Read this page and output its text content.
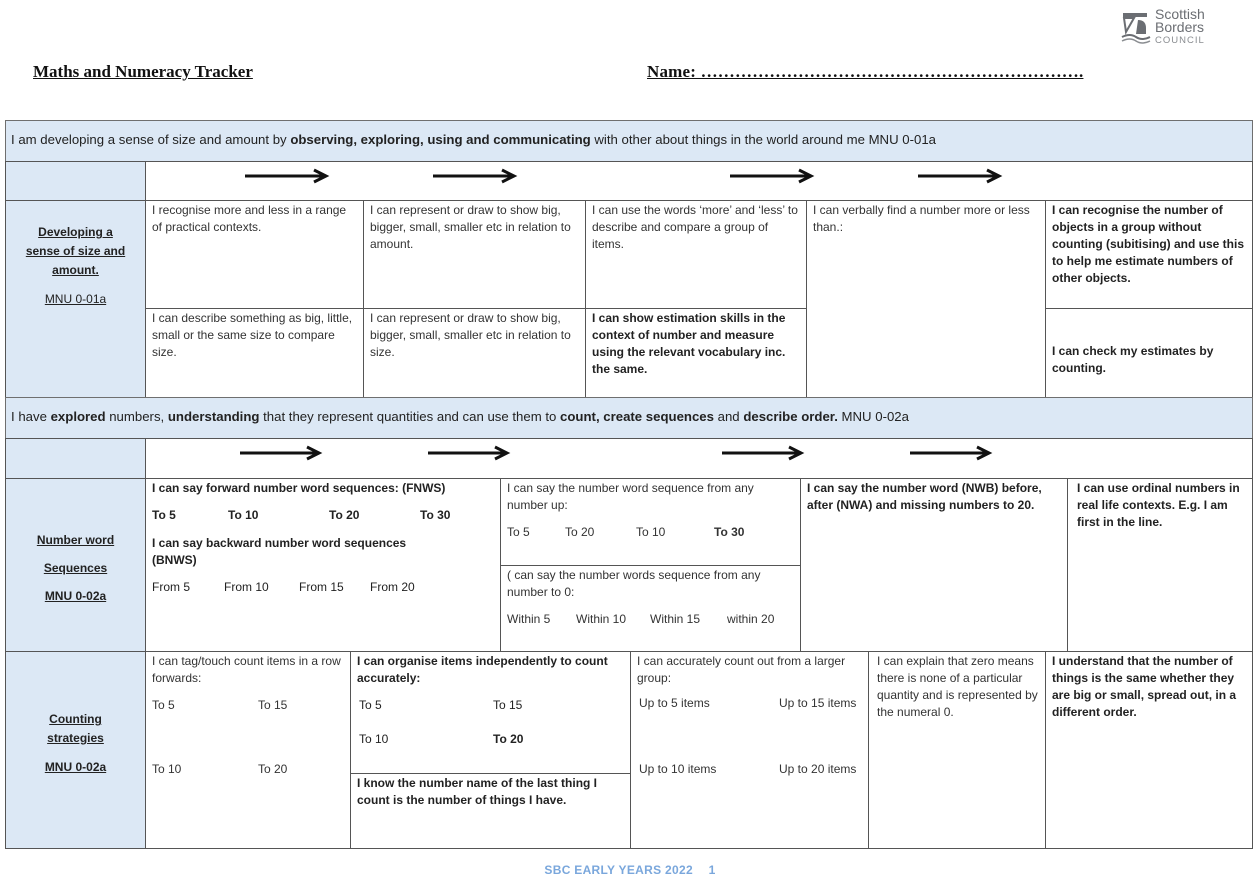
Maths and Numeracy Tracker	Name: ………………………………………………………….
Scottish
Borders
COUNCIL
I am developing a sense of size and amount by observing, exploring, using and communicating with other about things in the world around me MNU 0-01a
Developing a
sense of size and
amount.
MNU 0-01a
I recognise more and less in a range of practical contexts.
I can describe something as big, little, small or the same size to compare size.
I can represent or draw to show big, bigger, small, smaller etc in relation to amount.
I can represent or draw to show big, bigger, small, smaller etc in relation to size.
I can use the words ‘more’ and ‘less’ to describe and compare a group of items.
I can show estimation skills in the context of number and measure using the relevant vocabulary inc. the same.
I can verbally find a number more or less than.:
I can recognise the number of objects in a group without counting (subitising) and use this to help me estimate numbers of other objects.
I can check my estimates by counting.
I have explored numbers, understanding that they represent quantities and can use them to count, create sequences and describe order. MNU 0-02a
Number word
Sequences
MNU 0-02a
I can say forward number word sequences: (FNWS)
To 5	To 10	To 20	To 30
I can say backward number word sequences (BNWS)
From 5	From 10	From 15 From 20
I can say the number word sequence from any number up:
To 5	To 20	To 10	To 30
( can say the number words sequence from any number to 0:
Within 5 Within 10 Within 15 within 20
I can say the number word (NWB) before, after (NWA) and missing numbers to 20.
I can use ordinal numbers in real life contexts. E.g. I am first in the line.
Counting
strategies
MNU 0-02a
I can tag/touch count items in a row forwards:
To 5	To 15
To 10	To 20
I can organise items independently to count accurately:
To 5	To 15
To 10	To 20
I know the number name of the last thing I count is the number of things I have.
I can accurately count out from a larger group:
Up to 5 items	Up to 15 items
Up to 10 items	Up to 20 items
I can explain that zero means there is none of a particular quantity and is represented by the numeral 0.
I understand that the number of things is the same whether they are big or small, spread out, in a different order.
SBC EARLY YEARS 2022 1
